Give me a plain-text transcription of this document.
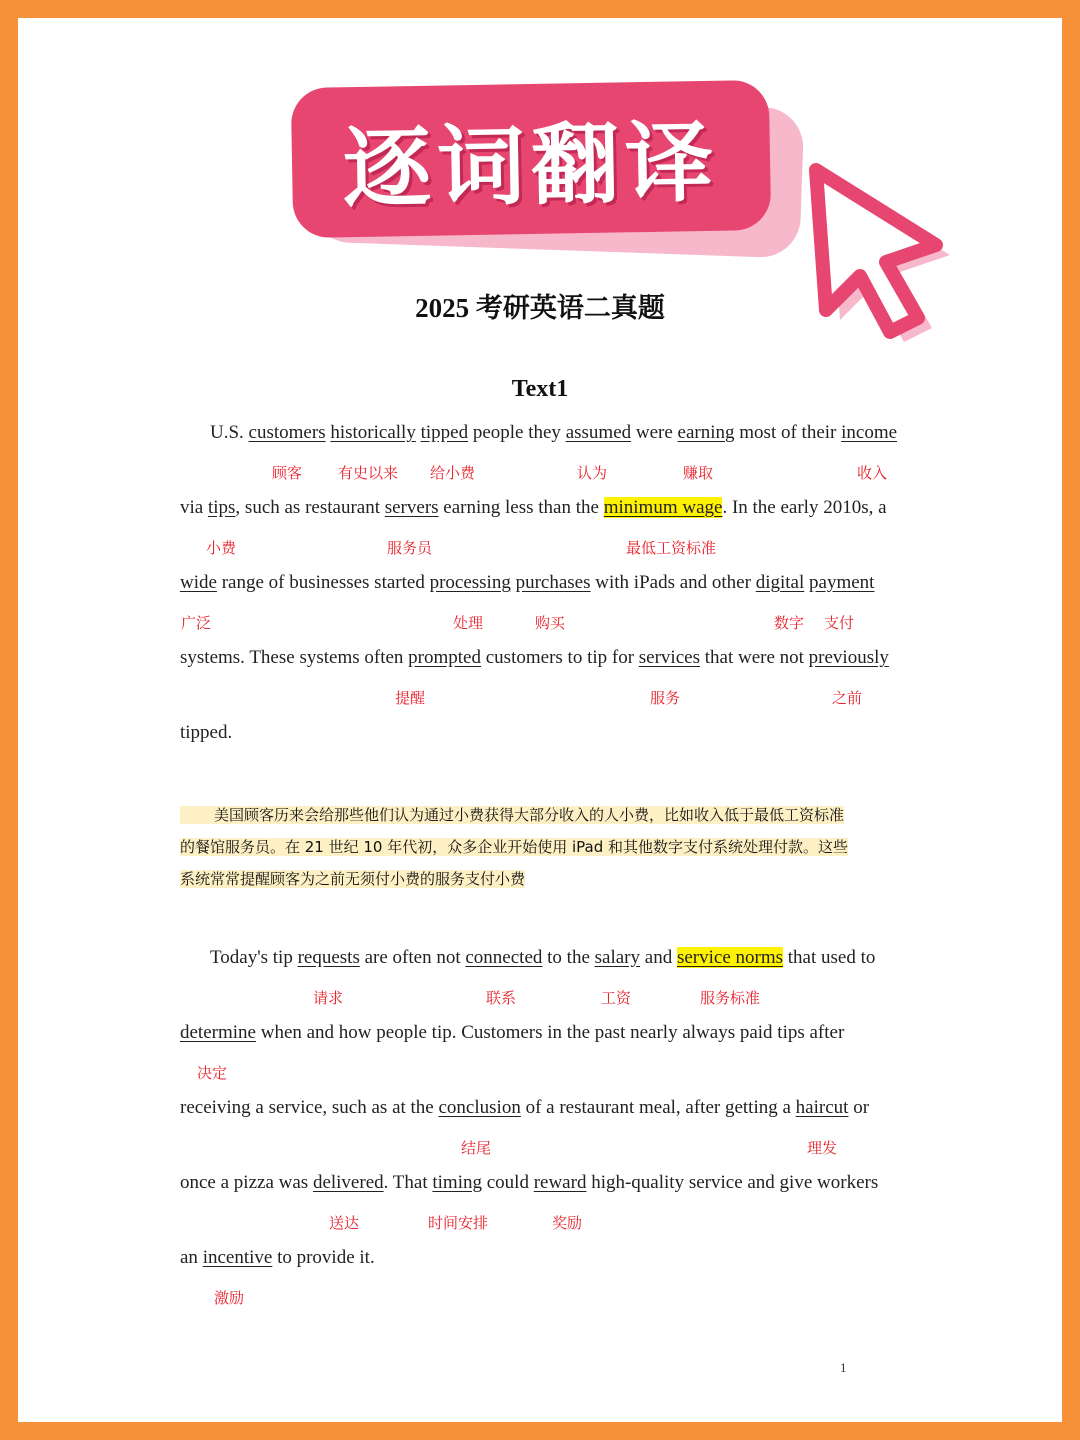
逐词翻译
2025 考研英语二真题
Text1
U.S. customers historically tipped people they assumed were earning most of their income
顾客 有史以来 给小费	认为	赚取	收入
via tips, such as restaurant servers earning less than the minimum wage. In the early 2010s, a
小费	服务员	最低工资标准
wide range of businesses started processing purchases with iPads and other digital payment
广泛	处理	购买	数字 支付
systems. These systems often prompted customers to tip for services that were not previously
提醒	服务	之前
tipped.
美国顾客历来会给那些他们认为通过小费获得大部分收入的人小费，比如收入低于最低工资标准
的餐馆服务员。在 21 世纪 10 年代初，众多企业开始使用 iPad 和其他数字支付系统处理付款。这些
系统常常提醒顾客为之前无须付小费的服务支付小费
Today's tip requests are often not connected to the salary and service norms that used to
请求	联系	工资	服务标准
determine when and how people tip. Customers in the past nearly always paid tips after
决定
receiving a service, such as at the conclusion of a restaurant meal, after getting a haircut or
结尾	理发
once a pizza was delivered. That timing could reward high-quality service and give workers
送达	时间安排	奖励
an incentive to provide it.
激励
1
